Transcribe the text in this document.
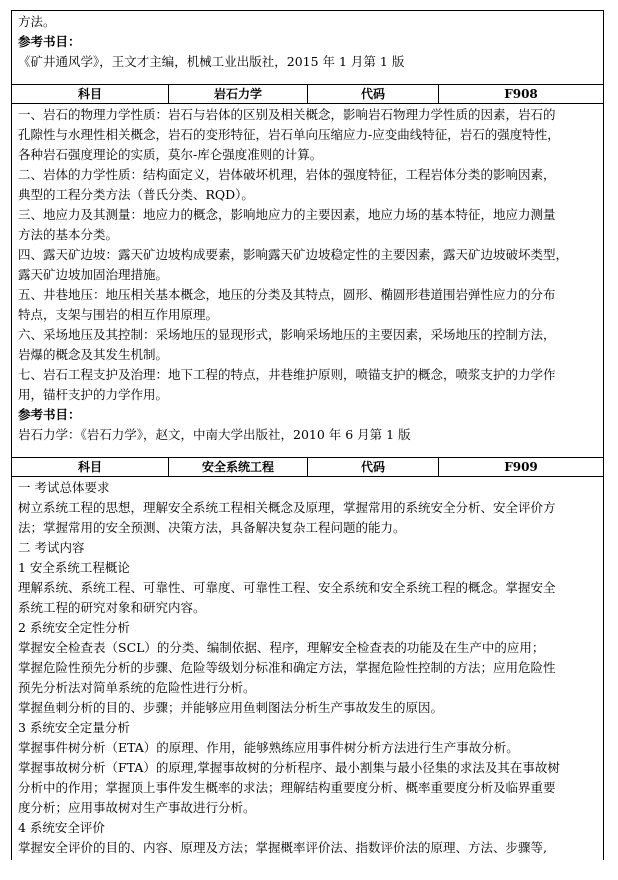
方法。
参考书目：
《矿井通风学》，王文才主编，机械工业出版社，2015 年 1 月第 1 版
科目	岩石力学	代码	F908
一、岩石的物理力学性质：岩石与岩体的区别及相关概念，影响岩石物理力学性质的因素，岩石的
孔隙性与水理性相关概念，岩石的变形特征，岩石单向压缩应力-应变曲线特征，岩石的强度特性，
各种岩石强度理论的实质，莫尔-库仑强度准则的计算。
二、岩体的力学性质：结构面定义，岩体破坏机理，岩体的强度特征，工程岩体分类的影响因素，
典型的工程分类方法（普氏分类、RQD）。
三、地应力及其测量：地应力的概念，影响地应力的主要因素，地应力场的基本特征，地应力测量
方法的基本分类。
四、露天矿边坡：露天矿边坡构成要素，影响露天矿边坡稳定性的主要因素，露天矿边坡破坏类型，
露天矿边坡加固治理措施。
五、井巷地压：地压相关基本概念，地压的分类及其特点，圆形、椭圆形巷道围岩弹性应力的分布
特点，支架与围岩的相互作用原理。
六、采场地压及其控制：采场地压的显现形式，影响采场地压的主要因素，采场地压的控制方法，
岩爆的概念及其发生机制。
七、岩石工程支护及治理：地下工程的特点，井巷维护原则，喷锚支护的概念，喷浆支护的力学作
用，锚杆支护的力学作用。
参考书目：
岩石力学：《岩石力学》，赵文，中南大学出版社，2010 年 6 月第 1 版
科目	安全系统工程	代码	F909
一 考试总体要求
树立系统工程的思想，理解安全系统工程相关概念及原理，掌握常用的系统安全分析、安全评价方
法；掌握常用的安全预测、决策方法，具备解决复杂工程问题的能力。
二 考试内容
1 安全系统工程概论
理解系统、系统工程、可靠性、可靠度、可靠性工程、安全系统和安全系统工程的概念。掌握安全
系统工程的研究对象和研究内容。
2 系统安全定性分析
掌握安全检查表（SCL）的分类、编制依据、程序，理解安全检查表的功能及在生产中的应用；
掌握危险性预先分析的步骤、危险等级划分标准和确定方法，掌握危险性控制的方法；应用危险性
预先分析法对简单系统的危险性进行分析。
掌握鱼刺分析的目的、步骤；并能够应用鱼刺图法分析生产事故发生的原因。
3 系统安全定量分析
掌握事件树分析（ETA）的原理、作用，能够熟练应用事件树分析方法进行生产事故分析。
掌握事故树分析（FTA）的原理,掌握事故树的分析程序、最小割集与最小径集的求法及其在事故树
分析中的作用；掌握顶上事件发生概率的求法；理解结构重要度分析、概率重要度分析及临界重要
度分析；应用事故树对生产事故进行分析。
4 系统安全评价
掌握安全评价的目的、内容、原理及方法；掌握概率评价法、指数评价法的原理、方法、步骤等,
